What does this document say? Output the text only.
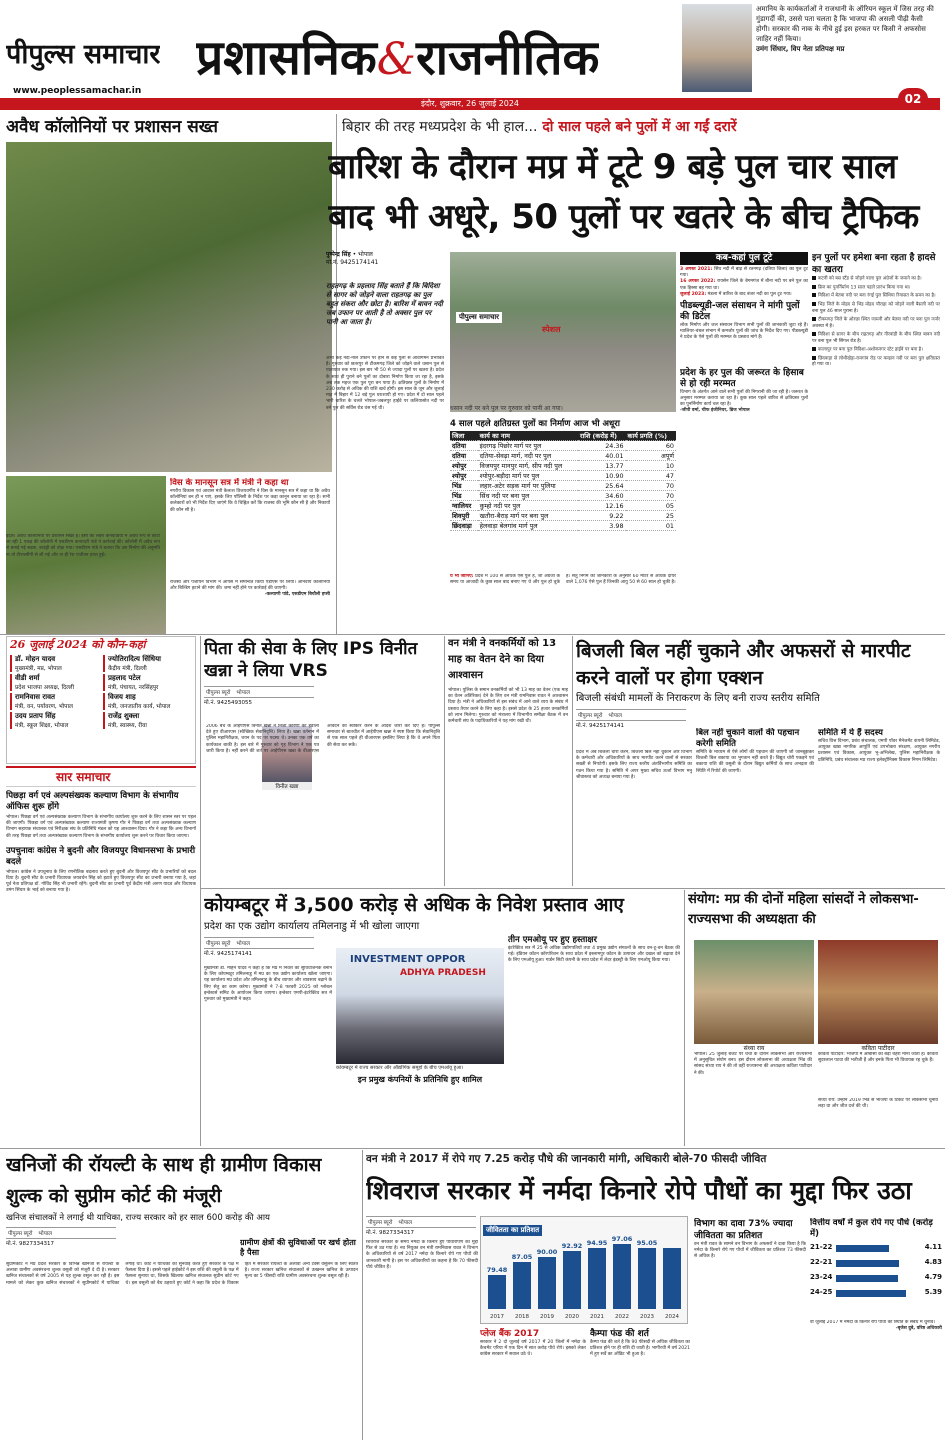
पीपुल्स समाचार
www.peoplessamachar.in
प्रशासनिक & राजनीतिक
इंदौर, शुक्रवार, 26 जुलाई 2024	02
अमानिय के कार्यकर्ताओं ने राजधानी के ऑरियन स्कूल में जिस तरह की गुंडागर्दी की, उससे पता चलता है कि भाजपा की असली पीढ़ी कैसी होगी। सरकार की नाक के नीचे हुई इस हरकत पर किसी ने अफसोस जाहिर नहीं किया।
उमंग सिंघार, विप नेता प्रतिपक्ष मप्र
अवैध कॉलोनियों पर प्रशासन सख्त
विस के मानसून सत्र में मंत्री ने कहा था
नगरीय विकास एवं आवास मंत्री कैलाश विजयवर्गीय ने विस के मानसून सत्र में कहा था कि अवैध कॉलोनियां बन ही न पाएं, इसके लिए पॉलिसी के निर्देश पर कड़ा कानून बनाया जा रहा है। सभी कलेक्टरों को भी निर्देश दिए जाएंगे कि वे चिह्नित करें कि राजस्व की भूमि कौन सी है और निकायों की कौन सी है।
राजस्व और पंजीयन विभाग ने आपस में समन्वित किया एडीएस पर लिया। अनिवार्य कॉलोनियों और बिल्डिंग हटाने की मांग की। जमा नहीं होने पर कार्रवाई की जाएगी।
-कल्याणी पांडे, एसडीएम बिचौली हप्सी
इंदौर। अवैध कॉलोनियों पर प्रशासन सख्त है। इसी को लेकर कनवाडिया में अवैध रूप से काटी जा रही 1 एकड़ की कॉलोनी में एसडीएम कन्यादरी पांडे ने कार्रवाई की। कॉलोनी में अवैध रूप से बनाई गई सड़क, बाउंड्री को तोड़ा गया। एसडीएम पांडे ने बताया कि उस निर्माण की अनुमति ना तो टीएनसीपी से ली गई और ना ही रेरा पंजीयन प्राप्त हुई।
बिहार की तरह मध्यप्रदेश के भी हाल... दो साल पहले बने पुलों में आ गईं दरारें
बारिश के दौरान मप्र में टूटे 9 बड़े पुल चार साल बाद भी अधूरे, 50 पुलों पर खतरे के बीच ट्रैफिक
पुष्पेन्द्र सिंह • भोपाल
मो.नं. 9425174141
राहतगढ़ के प्रहलाद सिंह बताते हैं कि बिदिशा से सागर को जोड़ने वाला राहतगढ़ का पुल बहुत संकरा और छोटा है। बारिश में बावन नदी जब उफान पर आती है तो अक्सर पुल पर पानी आ जाता है।
अभी कई नदी-नाले उफान पर होने से कई पुलों से आवागमन प्रभावित है। गुरुवार को छतरपुर से टीकमगढ़ जिले को जोड़ने वाले धसान पुल से यातायात रुक गया। इस बार भी 50 से ज्यादा पुलों पर खतरा है। प्रदेश के साथ ही पुराने बने पुलों का दोबारा निर्माण किया जा रहा है, इसके अब तक महज एक पुल पूरा बन पाया है। क्षतिग्रस्त पुलों के निर्माण में 230 करोड़ से अधिक की राशि खर्च होगी। इस साल के जून और जुलाई माह में बिहार में 12 बड़े पुल धराशायी हो गए। प्रदेश में दो साल पहले भारी बारिश के चलते भोपाल-जबलपुर हाईवे पर कलियासोत नदी पर बने पुल की सर्विस रोड धंस गई थी।
पीपुल्स समाचार
स्पेशल
धसान नदी पर बने पुल पर गुरुवार को पानी आ गया।
4 साल पहले क्षतिग्रस्त पुलों का निर्माण आज भी अधूरा
जिला	कार्य का नाम	राशि (करोड़ में)	कार्य प्रगति (%)
दतिया	इंदरगढ़ पिछोर मार्ग पर पुल	24.36	60
दतिया	दतिया-सेवढ़ा मार्ग, नदी पर पुल	40.01	अपूर्ण
श्योपुर	विजयपुर मानपुर मार्ग, सीप नदी पुल	13.77	10
श्योपुर	श्योपुर-बड़ौदा मार्ग पर पुल	10.90	47
भिंड	लहार-अटेर सड़क मार्ग पर पुलिया	25.64	70
भिंड	सिंध नदी पर बना पुल	34.60	70
ग्वालियर	कुम्हो नदी पर पुल	12.16	05
शिवपुरी	खतौरा-बैराड़ मार्ग पर बना पुल	9.22	25
छिंदवाड़ा	हेलवाड़ा बेलगांव मार्ग पुल	3.98	01
ये भी जानिए: प्रदेश में 100 से अधिक ऐसे पुल हैं, जो अंग्रेजों के समय या आजादी के कुछ साल बाद बनाए गए थे और पुल हो चुके हैं। सेतु निगम की जानकारी के अनुसार 60 मीटर से अधिक दायरे वाले 1,076 ऐसे पुल हैं जिनकी आयु 50 से 60 साल हो चुकी है।
कब-कहां पुल टूटे
3 अगस्त 2021: सिंध नदी में बाढ़ से रतनगढ़ (दतिया जिला) का पुल टूट गया।
16 अगस्त 2022: रायसेन जिले के बेगमगंज में बीना नदी पर बने पुल का एक हिस्सा बह गया था।
जुलाई 2023: मंडला में बारिश के बाद बंजर नदी का पुल टूट गया।
पीडब्ल्यूडी-जल संसाधन ने मांगी पुलों की डिटेल
लोक निर्माण और जल संसाधन विभाग सभी पुलों की जानकारी जुटा रहे हैं। ग्वालियर-चंबल संभाग में कमजोर पुलों की जांच के निर्देश दिए गए। पीडब्ल्यूडी ने प्रदेश के ऐसे पुलों की मरम्मत के प्रस्ताव मांगे हैं।
प्रदेश के हर पुल की जरूरत के हिसाब से हो रही मरम्मत
विभाग के अंतर्गत आने वाले सभी पुलों की निगरानी की जा रही है। जरूरत के अनुसार मरम्मत कराया जा रहा है। कुछ साल पहले बारिश से क्षतिग्रस्त पुलों का पुनर्निर्माण कार्य चल रहा है।
-जीपी वर्मा, चीफ इंजीनियर, ब्रिज भोपाल
इन पुलों पर हमेशा बना रहता है हादसे का खतरा
कटनी को बस स्टैंड से जोड़ने वाला पुल अंग्रेजों के जमाने का है।
ब्रिज का पुनर्निर्माण 13 साल पहले प्रारंभ किया गया था।
विदिशा में बेतवा नदी पर बना रंगई पुल सिंधिया रियासत के समय का है।
भिंड जिले के मोहद से भिंड मोहद चौराहा को जोड़ने वाली बैसली नदी पर बना पुल 46 साल पुराना है।
टीकमगढ़ जिले के ओरछा स्थित जामनी और बेतवा नदी पर बना पुल जर्जर अवस्था में है।
विदिशा से सागर के बीच राहतगढ़ और नीरवांडी के बीच स्थित बावन नदी पर बना पुल भी सिंगल रोड है।
कालापुर पर बना पुल विदिशा-अशोकनगर स्टेट हाईवे पर बना है।
छिंदवाड़ा से लोधीखेड़ा-रामगांव रोड पर कन्हान नदी पर बना पुल क्षतिग्रस्त हो गया था।
26 जुलाई 2024 को कौन-कहां
डॉ. मोहन यादव
मुख्यमंत्री, मप्र, भोपाल
ज्योतिरादित्य सिंधिया
केंद्रीय मंत्री, दिल्ली
वीडी शर्मा
प्रदेश भाजपा अध्यक्ष, दिल्ली
प्रहलाद पटेल
मंत्री, पंचायत, नरसिंहपुर
रामनिवास रावत
मंत्री, वन, पर्यावरण, भोपाल
विजय शाह
मंत्री, जनजातीय कार्य, भोपाल
उदय प्रताप सिंह
मंत्री, स्कूल शिक्षा, भोपाल
राजेंद्र शुक्ला
मंत्री, स्वास्थ्य, रीवा
सार समाचार
पिछड़ा वर्ग एवं अल्पसंख्यक कल्याण विभाग के संभागीय ऑफिस शुरू होंगे
भोपाल। पिछड़ा वर्ग एवं अल्पसंख्यक कल्याण विभाग के संभागीय कार्यालय शुरू करने के लिए शासन स्तर पर पहल की जाएगी। पिछड़ा वर्ग एवं अल्पसंख्यक कल्याण राज्यमंत्री कृष्णा गौर ने पिछड़ा वर्ग तथा अल्पसंख्यक कल्याण विभाग सहायक संचालक एवं निरीक्षक संघ के प्रतिनिधि मंडल को यह आश्वासन दिया। गौर ने कहा कि अन्य विभागों की तरह पिछड़ा वर्ग तथा अल्पसंख्यक कल्याण विभाग के संभागीय कार्यालय शुरू करने पर विचार किया जाएगा।
उपचुनावः कांग्रेस ने बुदनी और विजयपुर विधानसभा के प्रभारी बदले
भोपाल। कांग्रेस ने उपचुनाव के लिए रणनीतिक बदलाव करते हुए बुदनी और विजयपुर सीट के प्रभारियों को बदल दिया है। बुदनी सीट के प्रभारी विधायक जयवर्धन सिंह को हटाते हुए विजयपुर सीट का प्रभारी बनाया गया है, जहां पूर्व नेता प्रतिपक्ष डॉ. गोविंद सिंह भी प्रभारी रहेंगे। बुदनी सीट का प्रभारी पूर्व केंद्रीय मंत्री अरुण यादव और विधायक उमंग सिंघार के भाई को बनाया गया है।
पिता की सेवा के लिए IPS विनीत खन्ना ने लिया VRS
पीपुल्स ब्यूरो भोपाल
मो.नं. 9425493055
विनीत खन्ना
2006 बैच के आईपीएस विनीत खन्ना ने निजी कारणों का हवाला देते हुए वीआरएस (स्वैच्छिक सेवानिवृत्ति) लिया है। खन्ना वर्तमान में पुलिस महानिरीक्षक, चयन के पद पर पदस्थ थे। उनका एक वर्ष का कार्यकाल बाकी है। इस बारे में गुरुवार को गृह विभाग ने एक पत्र जारी किया है। नहीं करने की शर्त पर आईपीएस खन्ना के वीआरएस आवेदन को स्वीकार करने के आदेश जारी कर दिए हैं। पीपुल्स समाचार से बातचीत में आईपीएस खन्ना ने स्पष्ट किया कि सेवानिवृत्ति से एक साल पहले ही वीआरएस इसलिए लिया है कि वे अपने पिता की सेवा कर सकें।
वन मंत्री ने वनकर्मियों को 13 माह का वेतन देने का दिया आश्वासन
भोपाल। पुलिस के समान वनकर्मियों को भी 13 माह का वेतन (एक माह का वेतन अतिरिक्त) देने के लिए वन मंत्री रामनिवास रावत ने आश्वासन दिया है। मंत्री ने अधिकारियों से इस संबंध में आने वाले व्यय के संबंध में प्रस्ताव तैयार करने के लिए कहा है। इससे प्रदेश के 25 हजार वनकर्मियों को लाभ मिलेगा। गुरुवार को मंत्रालय में विभागीय समीक्षा बैठक में वन कर्मचारी संघ के पदाधिकारियों ने यह मांग रखी थी।
बिजली बिल नहीं चुकाने और अफसरों से मारपीट करने वालों पर होगा एक्शन
बिजली संबंधी मामलों के निराकरण के लिए बनी राज्य स्तरीय समिति
पीपुल्स ब्यूरो भोपाल
मो.नं. 9425174141
प्रदेश में अब बिजली चोरी करने, बिजली बिल नहीं चुकाने और विभाग के कर्मचारी और अधिकारियों के साथ मारपीट करने वालों से सरकार सख्ती से निपटेगी। इसके लिए राज्य स्तरीय अंतर्विभागीय समिति का गठन किया गया है। समिति में अपर मुख्य सचिव ऊर्जा विभाग मनु श्रीवास्तव को अध्यक्ष बनाया गया है।
बिल नहीं चुकाने वालों की पहचान करेगी समिति
समिति के माध्यम से ऐसे लोगों की पहचान की जाएगी जो जानबूझकर बिजली बिल बकाया का भुगतान नहीं करते हैं। विद्युत चोरी पकड़ने एवं बकाया राशि की वसूली के दौरान विद्युत कर्मियों के साथ अभद्रता की स्थिति में रिपोर्ट की जाएगी।
समिति में ये हैं सदस्य
सचिव वित्त विभाग, प्रबंध संचालक, एमपी पॉवर मैनेजमेंट कंपनी लिमिटेड, आयुक्त खाद्य नागरिक आपूर्ति एवं उपभोक्ता संरक्षण, आयुक्त नगरीय प्रशासन एवं विकास, आयुक्त भू-अभिलेख, पुलिस महानिरीक्षक के प्रतिनिधि, प्रबंध संचालक मप्र राज्य इलेक्ट्रॉनिक्स विकास निगम लिमिटेड।
कोयम्बटूर में 3,500 करोड़ से अधिक के निवेश प्रस्ताव आए
प्रदेश का एक उद्योग कार्यालय तमिलनाडु में भी खोला जाएगा
पीपुल्स ब्यूरो भोपाल
मो.नं. 9425174141
मुख्यमंत्री डॉ. मोहन यादव ने कहा है कि मप्र में निवेश की सुविधाजनक बनाने के लिए कोयम्बटूर तमिलनाडु में मप्र का एक उद्योग कार्यालय खोला जाएगा। यह कार्यालय मप्र प्रदेश और तमिलनाडु के बीच व्यापार और व्यवसाय बढ़ाने के लिए सेतु का काम करेगा। मुख्यमंत्री ने 7-8 फरवरी 2025 को ग्लोबल इन्वेस्टर्स समिट के आयोजन किया जाएगा। इन्वेस्टर एमपी-इंटरेक्टिव सत्र में गुरुवार को मुख्यमंत्री ने कहा।
INVESTMENT OPPOR
ADHYA PRADESH
कोयम्बटूर में राज्य सरकार और औद्योगिक समूहों के बीच एमओयू हुआ।
इन प्रमुख कंपनियों के प्रतिनिधि हुए शामिल
तीन एमओयू पर हुए हस्ताक्षर
इंटरेक्टिव सत्र में 25 से अधिक उद्योगपतियों तथा 4 प्रमुख उद्योग संगठनों के साथ वन-टू-वन बैठक की गई। इंडियन कॉटन कॉरपोरेशन के साथ प्रदेश में इस्लामपुर कॉटन के उत्पादन और दखल को बढ़ावा देने के लिए एमओयू हुआ। गार्डन सिटी कंपनी के साथ प्रदेश में लेदर इंडस्ट्री के लिए एमओयू किया गया।
संयोग: मप्र की दोनों महिला सांसदों ने लोकसभा-राज्यसभा की अध्यक्षता की
संध्या राय	कविता पाटीदार
भोपाल। 25 जुलाई बजट पर चर्चा के दौरान लोकसभा और राज्यसभा में अनुसूचित संयोग बना। इस दौरान लोकसभा की अध्यक्षता भिंड की सांसद संध्या राय ने की तो वहीं राज्यसभा की अध्यक्षता कविता पाटीदार ने की।
कविता पाटीदार: भाजपा में ओबीसी का बड़ा चेहरा माना जाता है। कविता सुदरलाल पटवा की भतीजी हैं और इनके पिता भी विधायक रह चुके हैं।
संध्या राय: उन्होंने 2019 भिंड से भाजपा के टिकट पर लोकसभा चुनाव लड़ा था और जीत दर्ज की थी।
खनिजों की रॉयल्टी के साथ ही ग्रामीण विकास शुल्क को सुप्रीम कोर्ट की मंजूरी
खनिज संचालकों ने लगाई थी याचिका, राज्य सरकार को हर साल 600 करोड़ की आय
पीपुल्स ब्यूरो भोपाल
मो.नं. 9827334317	ग्रामीण क्षेत्रों की सुविधाओं पर खर्च होता है पैसा
सुप्रीमकोर्ट ने मप्र प्रदेश सरकार के विभिन्न खनिजों से रायल्टी के अलावा ग्रामीण अवसंरचना शुल्क वसूली को मंजूरी दे दी है। सरकार खनिज संचालकों से वर्ष 2005 से यह शुल्क वसूल कर रही है। इस मामले को लेकर कुछ खनिज संचालकों ने सुप्रीमकोर्ट में याचिका लगाई थी। कोर्ट ने याचिका को सुनवाई करते हुए सरकार के पक्ष में फैसला दिया है। इससे पहले हाईकोर्ट ने इस राशि की वसूली के पक्ष में फैसला सुनाया था, जिसके खिलाफ खनिज संचालक सुप्रीम कोर्ट गए थे। इस वसूली को बैध ठहराते हुए कोर्ट ने कहा कि प्रदेश के विकास हित में सरकार रायल्टी के अलावा अन्य टैक्स वसूलने के लिए स्वतंत्र है। राज्य सरकार खनिज संचालकों से उत्खनन खनिज के उत्पादन मूल्य का 5 फीसदी राशि ग्रामीण अवसंरचना शुल्क वसूल रही है।
वन मंत्री ने 2017 में रोपे गए 7.25 करोड़ पौधे की जानकारी मांगी, अधिकारी बोले-70 फीसदी जीवित
शिवराज सरकार में नर्मदा किनारे रोपे पौधों का मुद्दा फिर उठा
पीपुल्स ब्यूरो भोपाल
मो.नं. 9827334317
शिवराज सरकार के समय नर्मदा के किनारे हुए पौधारोपण का मुद्दा फिर से उठ गया है। नव नियुक्त वन मंत्री रामनिवास रावत ने विभाग के अधिकारियों से वर्ष 2017 नर्मदा के किनारे रोपे गए पौधों की जानकारी मांगी है। इस पर अधिकारियों का कहना है कि 70 फीसदी पौधे जीवित हैं।
जीवितता का प्रतिशत
79.48
2017
87.05
2018
90.00
2019
92.92
2020
94.95
2021
97.06
2022
95.05
2023	2024
प्लेज बैंक 2017
सरकार ने 2 दो जुलाई वर्ष 2017 में 20 जिलों में नर्मदा के कैचमेंट एरिया में एक दिन में सात करोड़ पौधे रोपे। इसको लेकर कांग्रेस सरकार में सवाल उठे थे।
कैम्पा फंड की शर्त
कैम्पा फंड की शर्त है कि 90 फीसदी से अधिक जीवितता का प्रतिशत होने पर ही राशि दी जाती है। भागीरथी में वर्ष 2021 में हुए सर्वे का ऑडिट भी हुआ है।
विभाग का दावा 73% ज्यादा जीवितता का प्रतिशत
वन मंत्री रावत के सामने वन विभाग के अफसरों ने दावा किया है कि नर्मदा के किनारे रोपे गए पौधों में जीवितता का प्रतिशत 73 फीसदी से अधिक है।
वित्तीय वर्षों में कुल रोपे गए पौधे (करोड़ में)
21-22	4.11
22-21	4.83
23-24	4.79
24-25	5.39
वो जुलाई 2017 में नर्मदा के किनारे रोपे पौधों की स्थिति के संबंध में चुनाव।
-बृजेश दुबे, वरिष्ठ अधिकारी
